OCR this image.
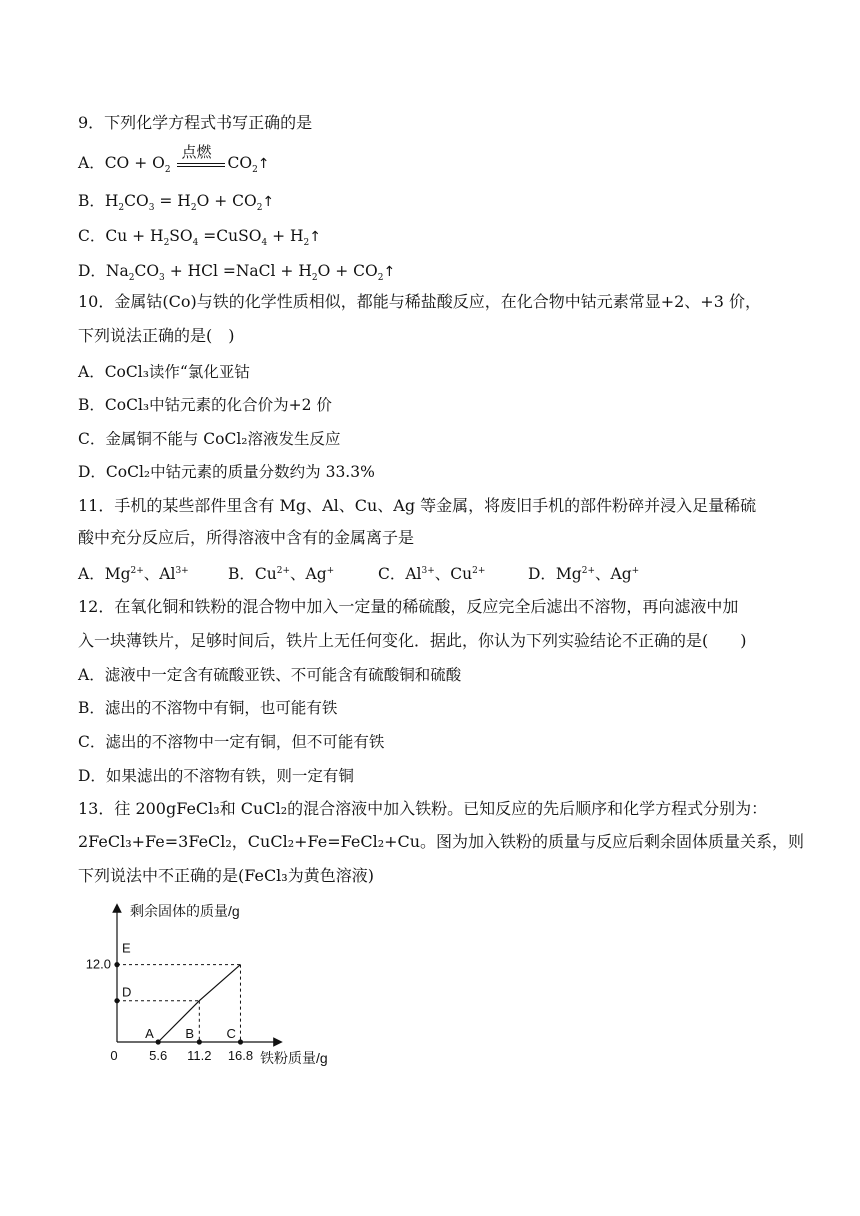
9．下列化学方程式书写正确的是
A．CO + $O_2$
点燃
$CO_2↑$
B．$H_2CO_3 = H_2O$ + $CO_2↑$
C．$Cu + H_2SO_4$ =CuSO$_4$ + $H_2↑$
D．$Na_2CO_3$ + HCl =NaCl + $H_2O$ + $CO_2↑$
10．金属钴(Co)与铁的化学性质相似，都能与稀盐酸反应，在化合物中钴元素常显+2、+3 价，
下列说法正确的是(　)
A．CoCl₃读作“氯化亚钴
B．CoCl₃中钴元素的化合价为+2 价
C．金属铜不能与 CoCl₂溶液发生反应
D．CoCl₂中钴元素的质量分数约为 33.3%
11．手机的某些部件里含有 Mg、Al、Cu、Ag 等金属，将废旧手机的部件粉碎并浸入足量稀硫
酸中充分反应后，所得溶液中含有的金属离子是
A．$Mg^{2+}$、$Al^{3+}$	B．$Cu^{2+}$、Ag+	C．$Al^{3+}$、$Cu^{2+}$	D．$Mg^{2+}$、Ag+
12．在氧化铜和铁粉的混合物中加入一定量的稀硫酸，反应完全后滤出不溶物，再向滤液中加
入一块薄铁片，足够时间后，铁片上无任何变化．据此，你认为下列实验结论不正确的是(　　)
A．滤液中一定含有硫酸亚铁、不可能含有硫酸铜和硫酸
B．滤出的不溶物中有铜，也可能有铁
C．滤出的不溶物中一定有铜，但不可能有铁
D．如果滤出的不溶物有铁，则一定有铜
13．往 200gFeCl₃和 CuCl₂的混合溶液中加入铁粉。已知反应的先后顺序和化学方程式分别为：
2FeCl₃+Fe=3FeCl₂，CuCl₂+Fe=FeCl₂+Cu。图为加入铁粉的质量与反应后剩余固体质量关系，则
下列说法中不正确的是(FeCl₃为黄色溶液)
剩余固体的质量/g
铁粉质量/g
0 5.6 11.2 16.8
12.0
A B C
D
E
